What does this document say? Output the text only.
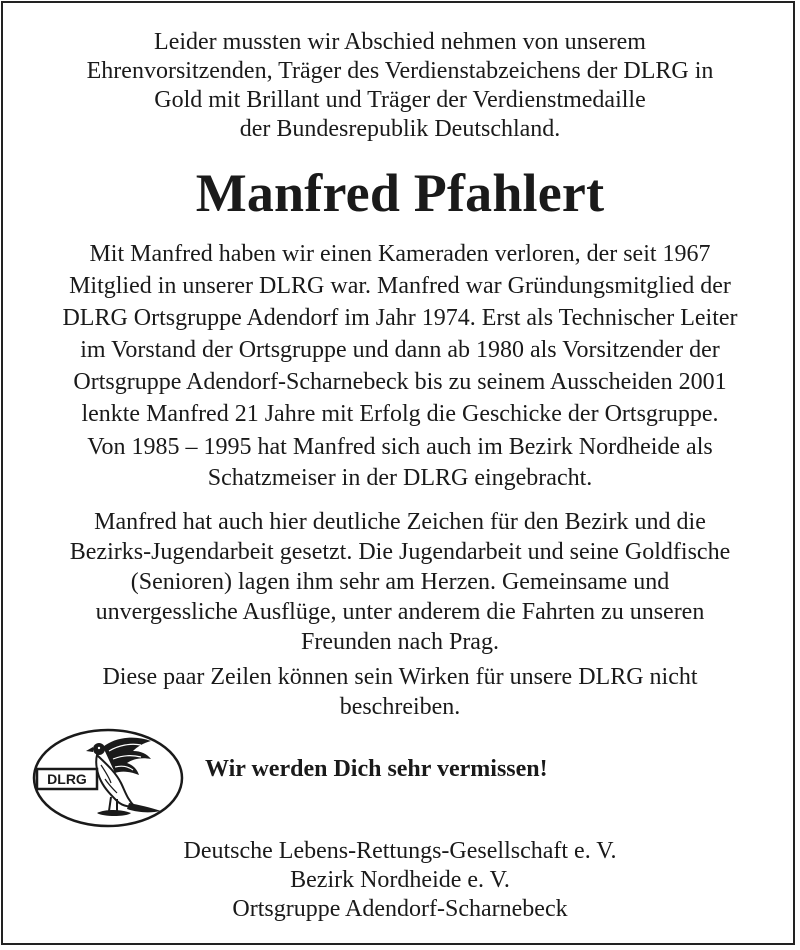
Leider mussten wir Abschied nehmen von unserem
Ehrenvorsitzenden, Träger des Verdienstabzeichens der DLRG in
Gold mit Brillant und Träger der Verdienstmedaille
der Bundesrepublik Deutschland.
Manfred Pfahlert
Mit Manfred haben wir einen Kameraden verloren, der seit 1967
Mitglied in unserer DLRG war. Manfred war Gründungsmitglied der
DLRG Ortsgruppe Adendorf im Jahr 1974. Erst als Technischer Leiter
im Vorstand der Ortsgruppe und dann ab 1980 als Vorsitzender der
Ortsgruppe Adendorf-Scharnebeck bis zu seinem Ausscheiden 2001
lenkte Manfred 21 Jahre mit Erfolg die Geschicke der Ortsgruppe.
Von 1985 – 1995 hat Manfred sich auch im Bezirk Nordheide als
Schatzmeiser in der DLRG eingebracht.
Manfred hat auch hier deutliche Zeichen für den Bezirk und die
Bezirks-Jugendarbeit gesetzt. Die Jugendarbeit und seine Goldfische
(Senioren) lagen ihm sehr am Herzen. Gemeinsame und
unvergessliche Ausflüge, unter anderem die Fahrten zu unseren
Freunden nach Prag.
Diese paar Zeilen können sein Wirken für unsere DLRG nicht
beschreiben.
DLRG	Wir werden Dich sehr vermissen!
Deutsche Lebens-Rettungs-Gesellschaft e. V.
Bezirk Nordheide e. V.
Ortsgruppe Adendorf-Scharnebeck
